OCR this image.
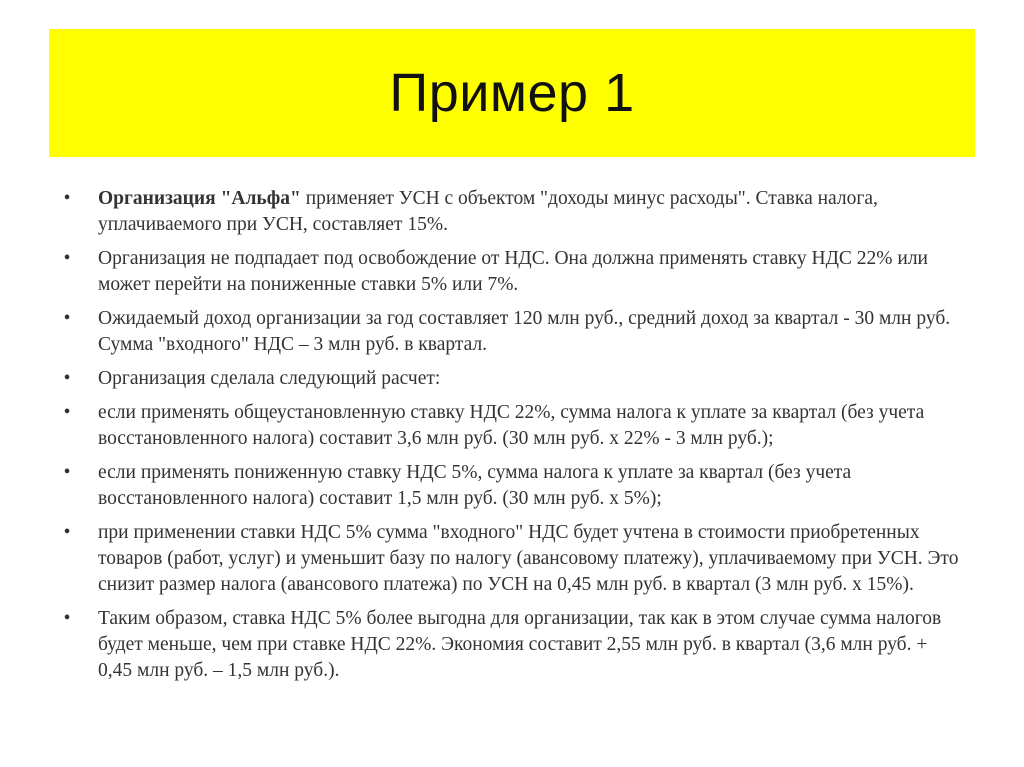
Пример 1
• Организация "Альфа" применяет УСН с объектом "доходы минус расходы". Ставка налога, уплачиваемого при УСН, составляет 15%.
• Организация не подпадает под освобождение от НДС. Она должна применять ставку НДС 22% или может перейти на пониженные ставки 5% или 7%.
• Ожидаемый доход организации за год составляет 120 млн руб., средний доход за квартал - 30 млн руб. Сумма "входного" НДС – 3 млн руб. в квартал.
• Организация сделала следующий расчет:
• если применять общеустановленную ставку НДС 22%, сумма налога к уплате за квартал (без учета восстановленного налога) составит 3,6 млн руб. (30 млн руб. x 22% - 3 млн руб.);
• если применять пониженную ставку НДС 5%, сумма налога к уплате за квартал (без учета восстановленного налога) составит 1,5 млн руб. (30 млн руб. x 5%);
• при применении ставки НДС 5% сумма "входного" НДС будет учтена в стоимости приобретенных товаров (работ, услуг) и уменьшит базу по налогу (авансовому платежу), уплачиваемому при УСН. Это снизит размер налога (авансового платежа) по УСН на 0,45 млн руб. в квартал (3 млн руб. x 15%).
• Таким образом, ставка НДС 5% более выгодна для организации, так как в этом случае сумма налогов будет меньше, чем при ставке НДС 22%. Экономия составит 2,55 млн руб. в квартал (3,6 млн руб. + 0,45 млн руб. – 1,5 млн руб.).
